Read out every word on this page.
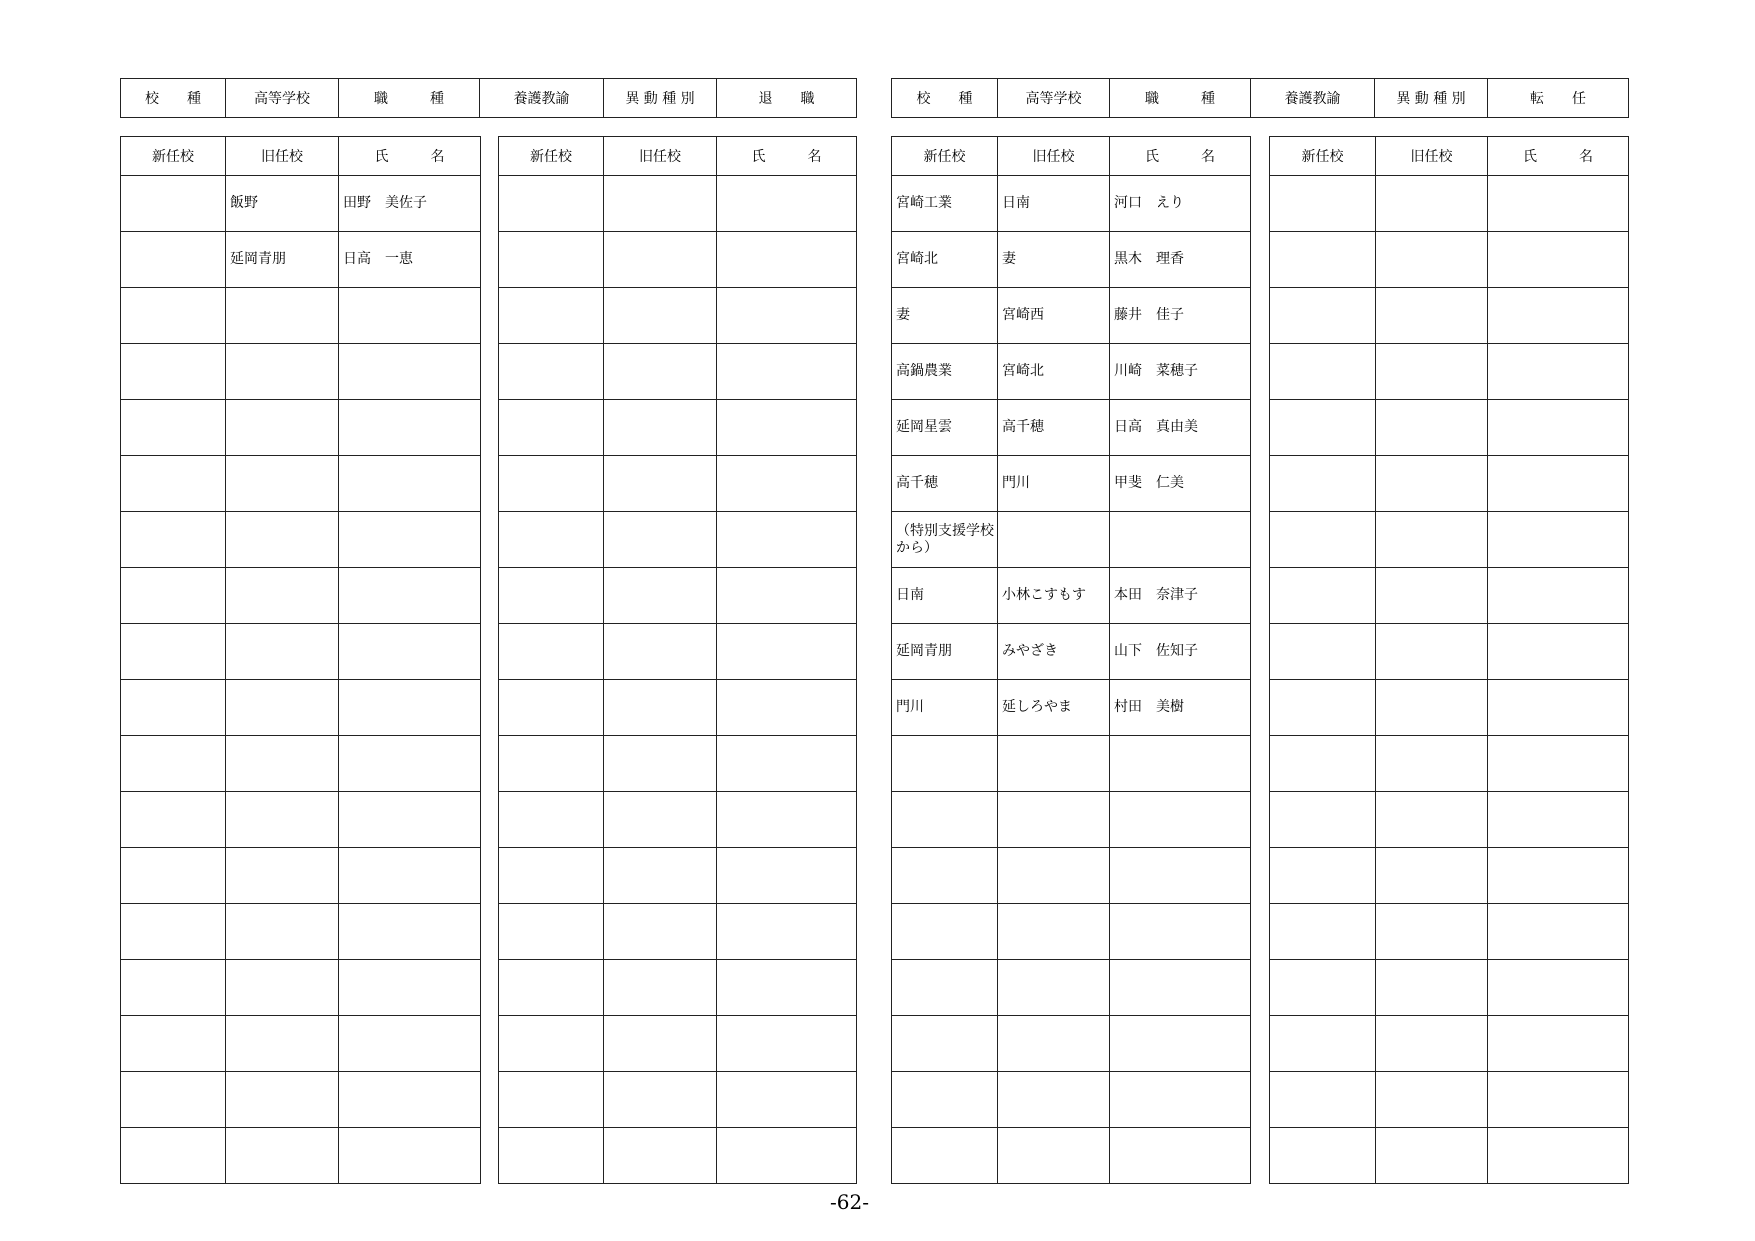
校　　種	高等学校	職　　　種	養護教諭	異 動 種 別	退　　職	校　　種	高等学校	職　　　種	養護教諭	異 動 種 別	転　　任
新任校	旧任校	氏　　　名
	飯野	田野　美佐子
	延岡青朋	日高　一恵

新任校	旧任校	氏　　　名

			新任校	旧任校	氏　　　名
宮崎工業	日南	河口　えり
宮崎北	妻	黒木　理香
妻	宮崎西	藤井　佳子
高鍋農業	宮崎北	川崎　菜穂子
延岡星雲	高千穂	日高　真由美
高千穂	門川	甲斐　仁美
（特別支援学校から）		
日南	小林こすもす	本田　奈津子
延岡青朋	みやざき	山下　佐知子
門川	延しろやま	村田　美樹

新任校	旧任校	氏　　　名

-62-
